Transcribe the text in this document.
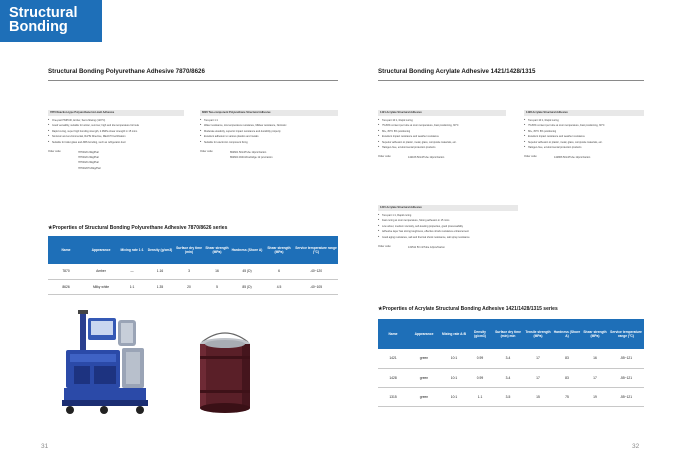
Structural
Bonding
Structural Bonding Polyurethane Adhesive 7870/8626	Structural Bonding Acrylate Adhesive 1421/1428/1315
7870 Reaction-type Polyurethane Hot-melt Adhesive
● One-part HMPUR, Amber, Semi-flowing (120°C)
● Good versatility, suitable for winter, summer, high and low temperature formula
● Rapid curing, super high bonding strength, 2.0MPa shear strength in 15 mins
● Nontoxic and environmental, RoHS Directive, REACH Certification
● Suitable for toilet glass and ABS bonding, such as refrigerator door
Order code:	7870020 20kg/Pail
7870020 20kg/Pail
7870020 20kg/Pail
7870020H 20kg/Pail
8626 Two-component Polyurethane Structural Adhesive
● Two-part 1:1
● Water resistance, low temperature resistance, Mildew resistance, Nontoxic
● Moderate elasticity, superior impact resistance and durability property
● Excellent adhesion to various plastics and metals
● Suitable for electronic component fixing
Order code:	862601 50ml/Tube 12pcs/Carton
862604 490ml/Cartridge 12 pcs/carton
1421 Acrylate Structural Adhesive
● Two-part 10:1, Rapid curing
● 75-80% content per tube at room temperature, Fast positioning, 30°C
● 80+, 80°C 8% positioning
● Excellent impact resistance and weather resistance
● Superior adhesion to plastic, metal, glass, composite materials, etc.
● Halogen-free, environmental protection products
Order code:	142166 50ml/Tube 12pcs/Carton
1428 Acrylate Structural Adhesive
● Two-part 10:1, Rapid curing
● 75-80% content per tube at room temperature, Fast positioning, 30°C
● 80+, 80°C 8% positioning
● Excellent impact resistance and weather resistance
● Superior adhesion to plastic, metal, glass, composite materials, etc.
● Halogen-free, environmental protection products
Order code:	142866 50ml/Tube 12pcs/Carton
1315 Acrylate Structural Adhesive
● Two-part 1:1, Rapid curing
● Fast curing at room temperature, Strong adhesion in 15 mins
● Low odour, medium viscosity, self-leveling properties, good processability
● Adhesive layer has strong toughness, effective shock resistance enhancement
● Good aging resistance, salt and thermal shock resistance, salt spray resistance
Order code:	131511 50 ml/Tube 12pcs/Carton
★Properties of Structural Bonding Polyurethane Adhesive 7870/8626 series
Name	Appearance	Mixing rate 1:1	Density (g/cm3)	Surface dry time (min)	Shear strength (MPa)	Hardness (Shore A)	Shear strength (MPa)	Service temperature range (°C)
7870	Amber	—	1.16	3	16	45 (D)	6	-40~120
8626	Milky white	1:1	1.35	20	5	85 (D)	4.5	-40~105
★Properties of Acrylate Structural Bonding Adhesive 1421/1428/1315 series
Name	Appearance	Mixing rate A:B	Density (g/cm3)	Surface dry time (min) min	Tensile strength (MPa)	Hardness (Shore A)	Shear strength (MPa)	Service temperature range (°C)
1421	green	10:1	0.99	3-4	17	83	16	-55~121
1428	green	10:1	0.99	3-4	17	83	17	-55~121
1315	green	10:1	1.1	3-5	15	75	19	-55~121
31	32
